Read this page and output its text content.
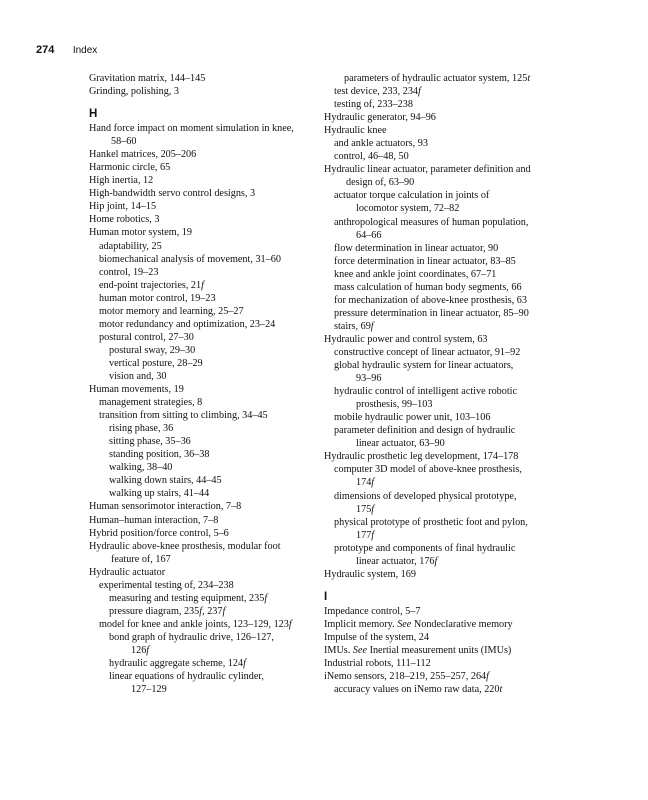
274 Index
Gravitation matrix, 144–145
Grinding, polishing, 3
H
Hand force impact on moment simulation in knee,
58–60
Hankel matrices, 205–206
Harmonic circle, 65
High inertia, 12
High-bandwidth servo control designs, 3
Hip joint, 14–15
Home robotics, 3
Human motor system, 19
adaptability, 25
biomechanical analysis of movement, 31–60
control, 19–23
end-point trajectories, 21f
human motor control, 19–23
motor memory and learning, 25–27
motor redundancy and optimization, 23–24
postural control, 27–30
postural sway, 29–30
vertical posture, 28–29
vision and, 30
Human movements, 19
management strategies, 8
transition from sitting to climbing, 34–45
rising phase, 36
sitting phase, 35–36
standing position, 36–38
walking, 38–40
walking down stairs, 44–45
walking up stairs, 41–44
Human sensorimotor interaction, 7–8
Human–human interaction, 7–8
Hybrid position/force control, 5–6
Hydraulic above-knee prosthesis, modular foot
feature of, 167
Hydraulic actuator
experimental testing of, 234–238
measuring and testing equipment, 235f
pressure diagram, 235f, 237f
model for knee and ankle joints, 123–129, 123f
bond graph of hydraulic drive, 126–127,
126f
hydraulic aggregate scheme, 124f
linear equations of hydraulic cylinder,
127–129
parameters of hydraulic actuator system, 125t
test device, 233, 234f
testing of, 233–238
Hydraulic generator, 94–96
Hydraulic knee
and ankle actuators, 93
control, 46–48, 50
Hydraulic linear actuator, parameter definition and
design of, 63–90
actuator torque calculation in joints of
locomotor system, 72–82
anthropological measures of human population,
64–66
flow determination in linear actuator, 90
force determination in linear actuator, 83–85
knee and ankle joint coordinates, 67–71
mass calculation of human body segments, 66
for mechanization of above-knee prosthesis, 63
pressure determination in linear actuator, 85–90
stairs, 69f
Hydraulic power and control system, 63
constructive concept of linear actuator, 91–92
global hydraulic system for linear actuators,
93–96
hydraulic control of intelligent active robotic
prosthesis, 99–103
mobile hydraulic power unit, 103–106
parameter definition and design of hydraulic
linear actuator, 63–90
Hydraulic prosthetic leg development, 174–178
computer 3D model of above-knee prosthesis,
174f
dimensions of developed physical prototype,
175f
physical prototype of prosthetic foot and pylon,
177f
prototype and components of final hydraulic
linear actuator, 176f
Hydraulic system, 169
I
Impedance control, 5–7
Implicit memory. See Nondeclarative memory
Impulse of the system, 24
IMUs. See Inertial measurement units (IMUs)
Industrial robots, 111–112
iNemo sensors, 218–219, 255–257, 264f
accuracy values on iNemo raw data, 220t
